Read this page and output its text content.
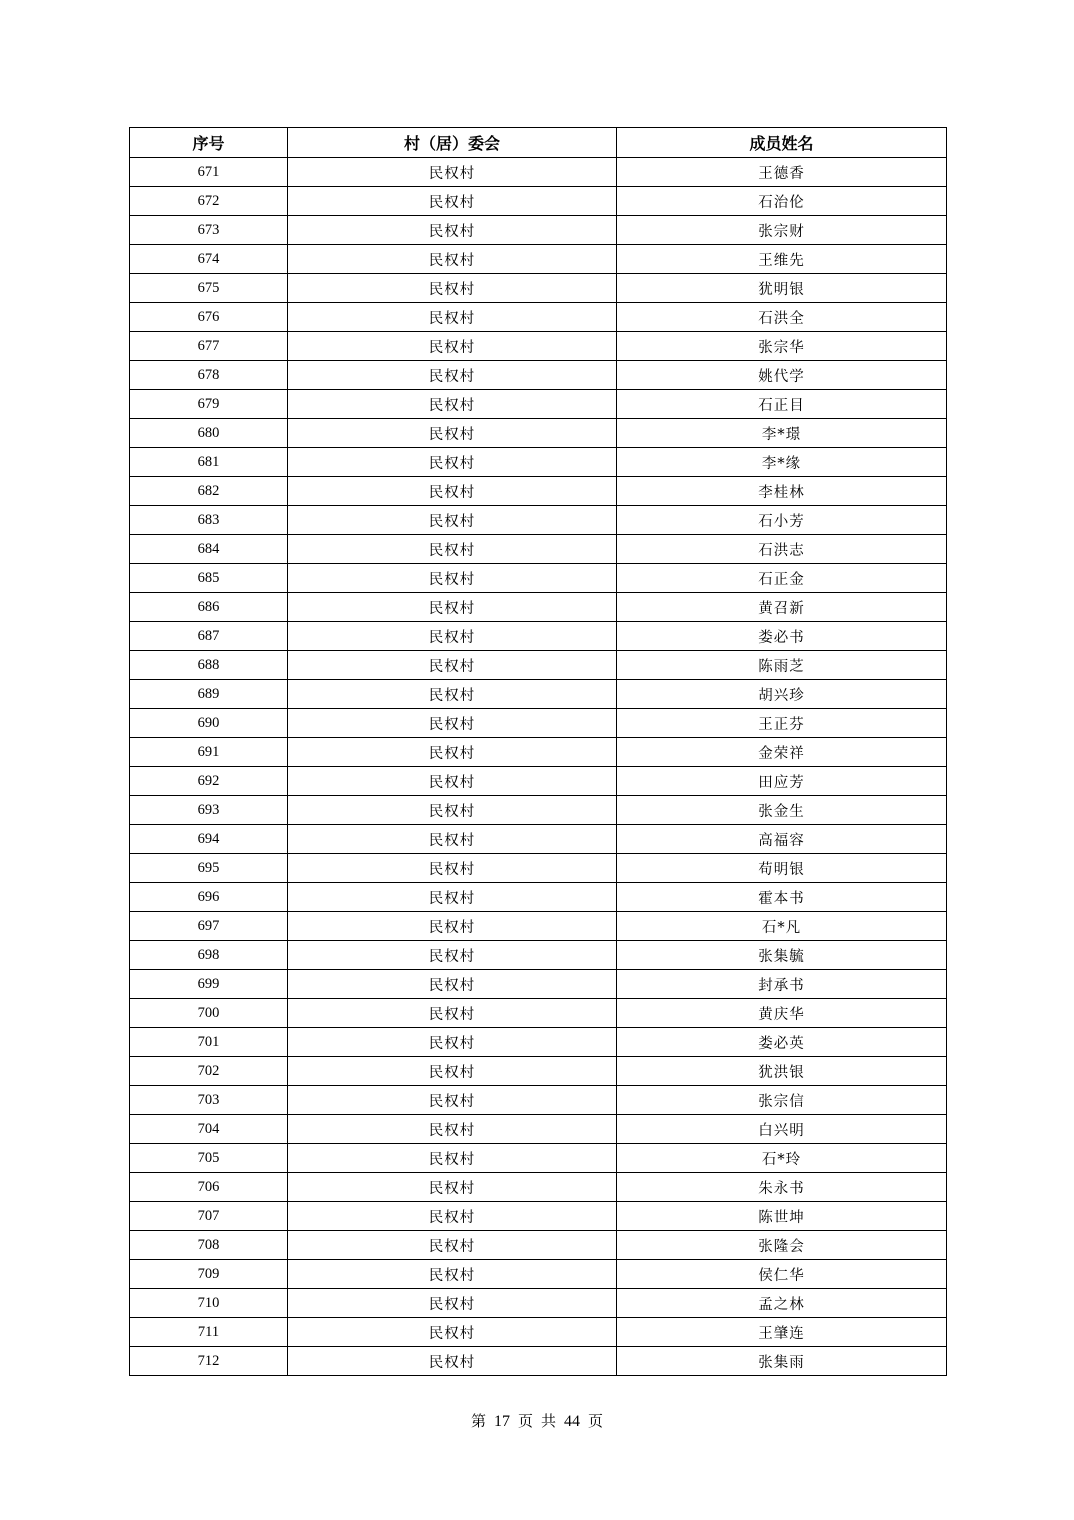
序号	村（居）委会	成员姓名
671	民权村	王德香
672	民权村	石治伦
673	民权村	张宗财
674	民权村	王维先
675	民权村	犹明银
676	民权村	石洪全
677	民权村	张宗华
678	民权村	姚代学
679	民权村	石正目
680	民权村	李*璟
681	民权村	李*缘
682	民权村	李桂林
683	民权村	石小芳
684	民权村	石洪志
685	民权村	石正金
686	民权村	黄召新
687	民权村	娄必书
688	民权村	陈雨芝
689	民权村	胡兴珍
690	民权村	王正芬
691	民权村	金荣祥
692	民权村	田应芳
693	民权村	张金生
694	民权村	高福容
695	民权村	苟明银
696	民权村	霍本书
697	民权村	石*凡
698	民权村	张集毓
699	民权村	封承书
700	民权村	黄庆华
701	民权村	娄必英
702	民权村	犹洪银
703	民权村	张宗信
704	民权村	白兴明
705	民权村	石*玲
706	民权村	朱永书
707	民权村	陈世坤
708	民权村	张隆会
709	民权村	侯仁华
710	民权村	孟之林
711	民权村	王肇连
712	民权村	张集雨
第 17 页 共 44 页
